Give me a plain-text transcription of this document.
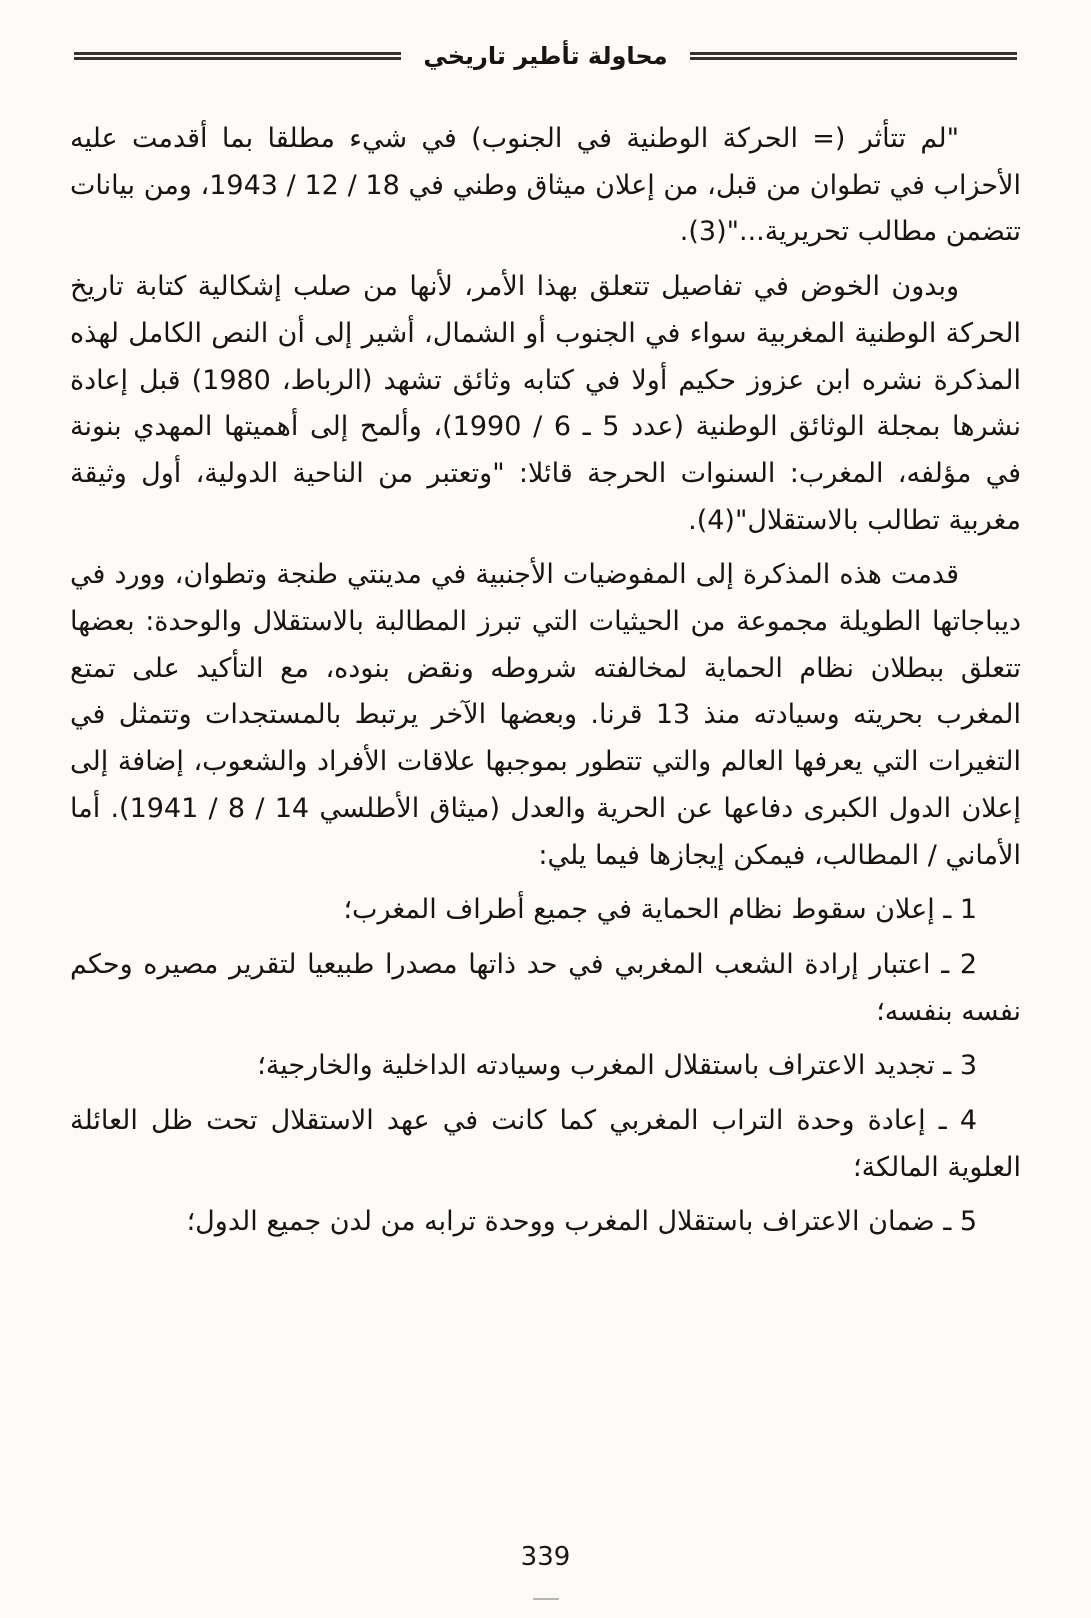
محاولة تأطير تاريخي

"لم تتأثر (= الحركة الوطنية في الجنوب) في شيء مطلقا بما أقدمت عليه الأحزاب في تطوان من قبل، من إعلان ميثاق وطني في 18 / 12 / 1943، ومن بيانات تتضمن مطالب تحريرية..."(3).

وبدون الخوض في تفاصيل تتعلق بهذا الأمر، لأنها من صلب إشكالية كتابة تاريخ الحركة الوطنية المغربية سواء في الجنوب أو الشمال، أشير إلى أن النص الكامل لهذه المذكرة نشره ابن عزوز حكيم أولا في كتابه وثائق تشهد (الرباط، 1980) قبل إعادة نشرها بمجلة الوثائق الوطنية (عدد 5 ـ 6 / 1990)، وألمح إلى أهميتها المهدي بنونة في مؤلفه، المغرب: السنوات الحرجة قائلا: "وتعتبر من الناحية الدولية، أول وثيقة مغربية تطالب بالاستقلال"(4).

قدمت هذه المذكرة إلى المفوضيات الأجنبية في مدينتي طنجة وتطوان، وورد في ديباجاتها الطويلة مجموعة من الحيثيات التي تبرز المطالبة بالاستقلال والوحدة: بعضها تتعلق ببطلان نظام الحماية لمخالفته شروطه ونقض بنوده، مع التأكيد على تمتع المغرب بحريته وسيادته منذ 13 قرنا. وبعضها الآخر يرتبط بالمستجدات وتتمثل في التغيرات التي يعرفها العالم والتي تتطور بموجبها علاقات الأفراد والشعوب، إضافة إلى إعلان الدول الكبرى دفاعها عن الحرية والعدل (ميثاق الأطلسي 14 / 8 / 1941). أما الأماني / المطالب، فيمكن إيجازها فيما يلي:

1 ـ إعلان سقوط نظام الحماية في جميع أطراف المغرب؛

2 ـ اعتبار إرادة الشعب المغربي في حد ذاتها مصدرا طبيعيا لتقرير مصيره وحكم نفسه بنفسه؛

3 ـ تجديد الاعتراف باستقلال المغرب وسيادته الداخلية والخارجية؛

4 ـ إعادة وحدة التراب المغربي كما كانت في عهد الاستقلال تحت ظل العائلة العلوية المالكة؛

5 ـ ضمان الاعتراف باستقلال المغرب ووحدة ترابه من لدن جميع الدول؛

339
